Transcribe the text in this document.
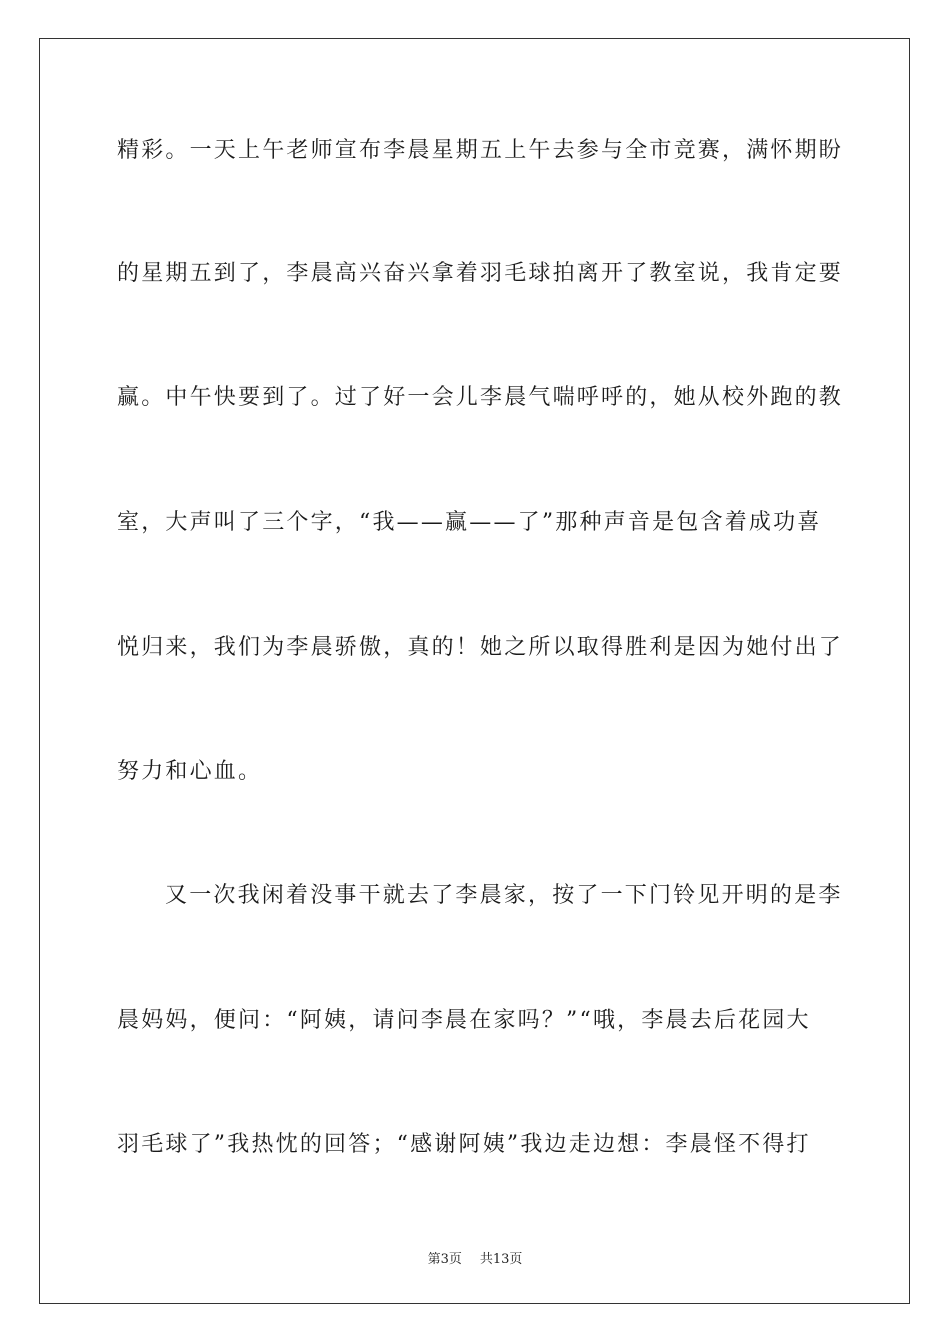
精彩。一天上午老师宣布李晨星期五上午去参与全市竞赛，满怀期盼
的星期五到了，李晨高兴奋兴拿着羽毛球拍离开了教室说，我肯定要
赢。中午快要到了。过了好一会儿李晨气喘呼呼的，她从校外跑的教
室，大声叫了三个字，“我——赢——了”那种声音是包含着成功喜
悦归来，我们为李晨骄傲，真的！她之所以取得胜利是因为她付出了
努力和心血。
又一次我闲着没事干就去了李晨家，按了一下门铃见开明的是李
晨妈妈，便问：“阿姨，请问李晨在家吗？”“哦，李晨去后花园大
羽毛球了”我热忱的回答；“感谢阿姨”我边走边想：李晨怪不得打
第3页 共13页
